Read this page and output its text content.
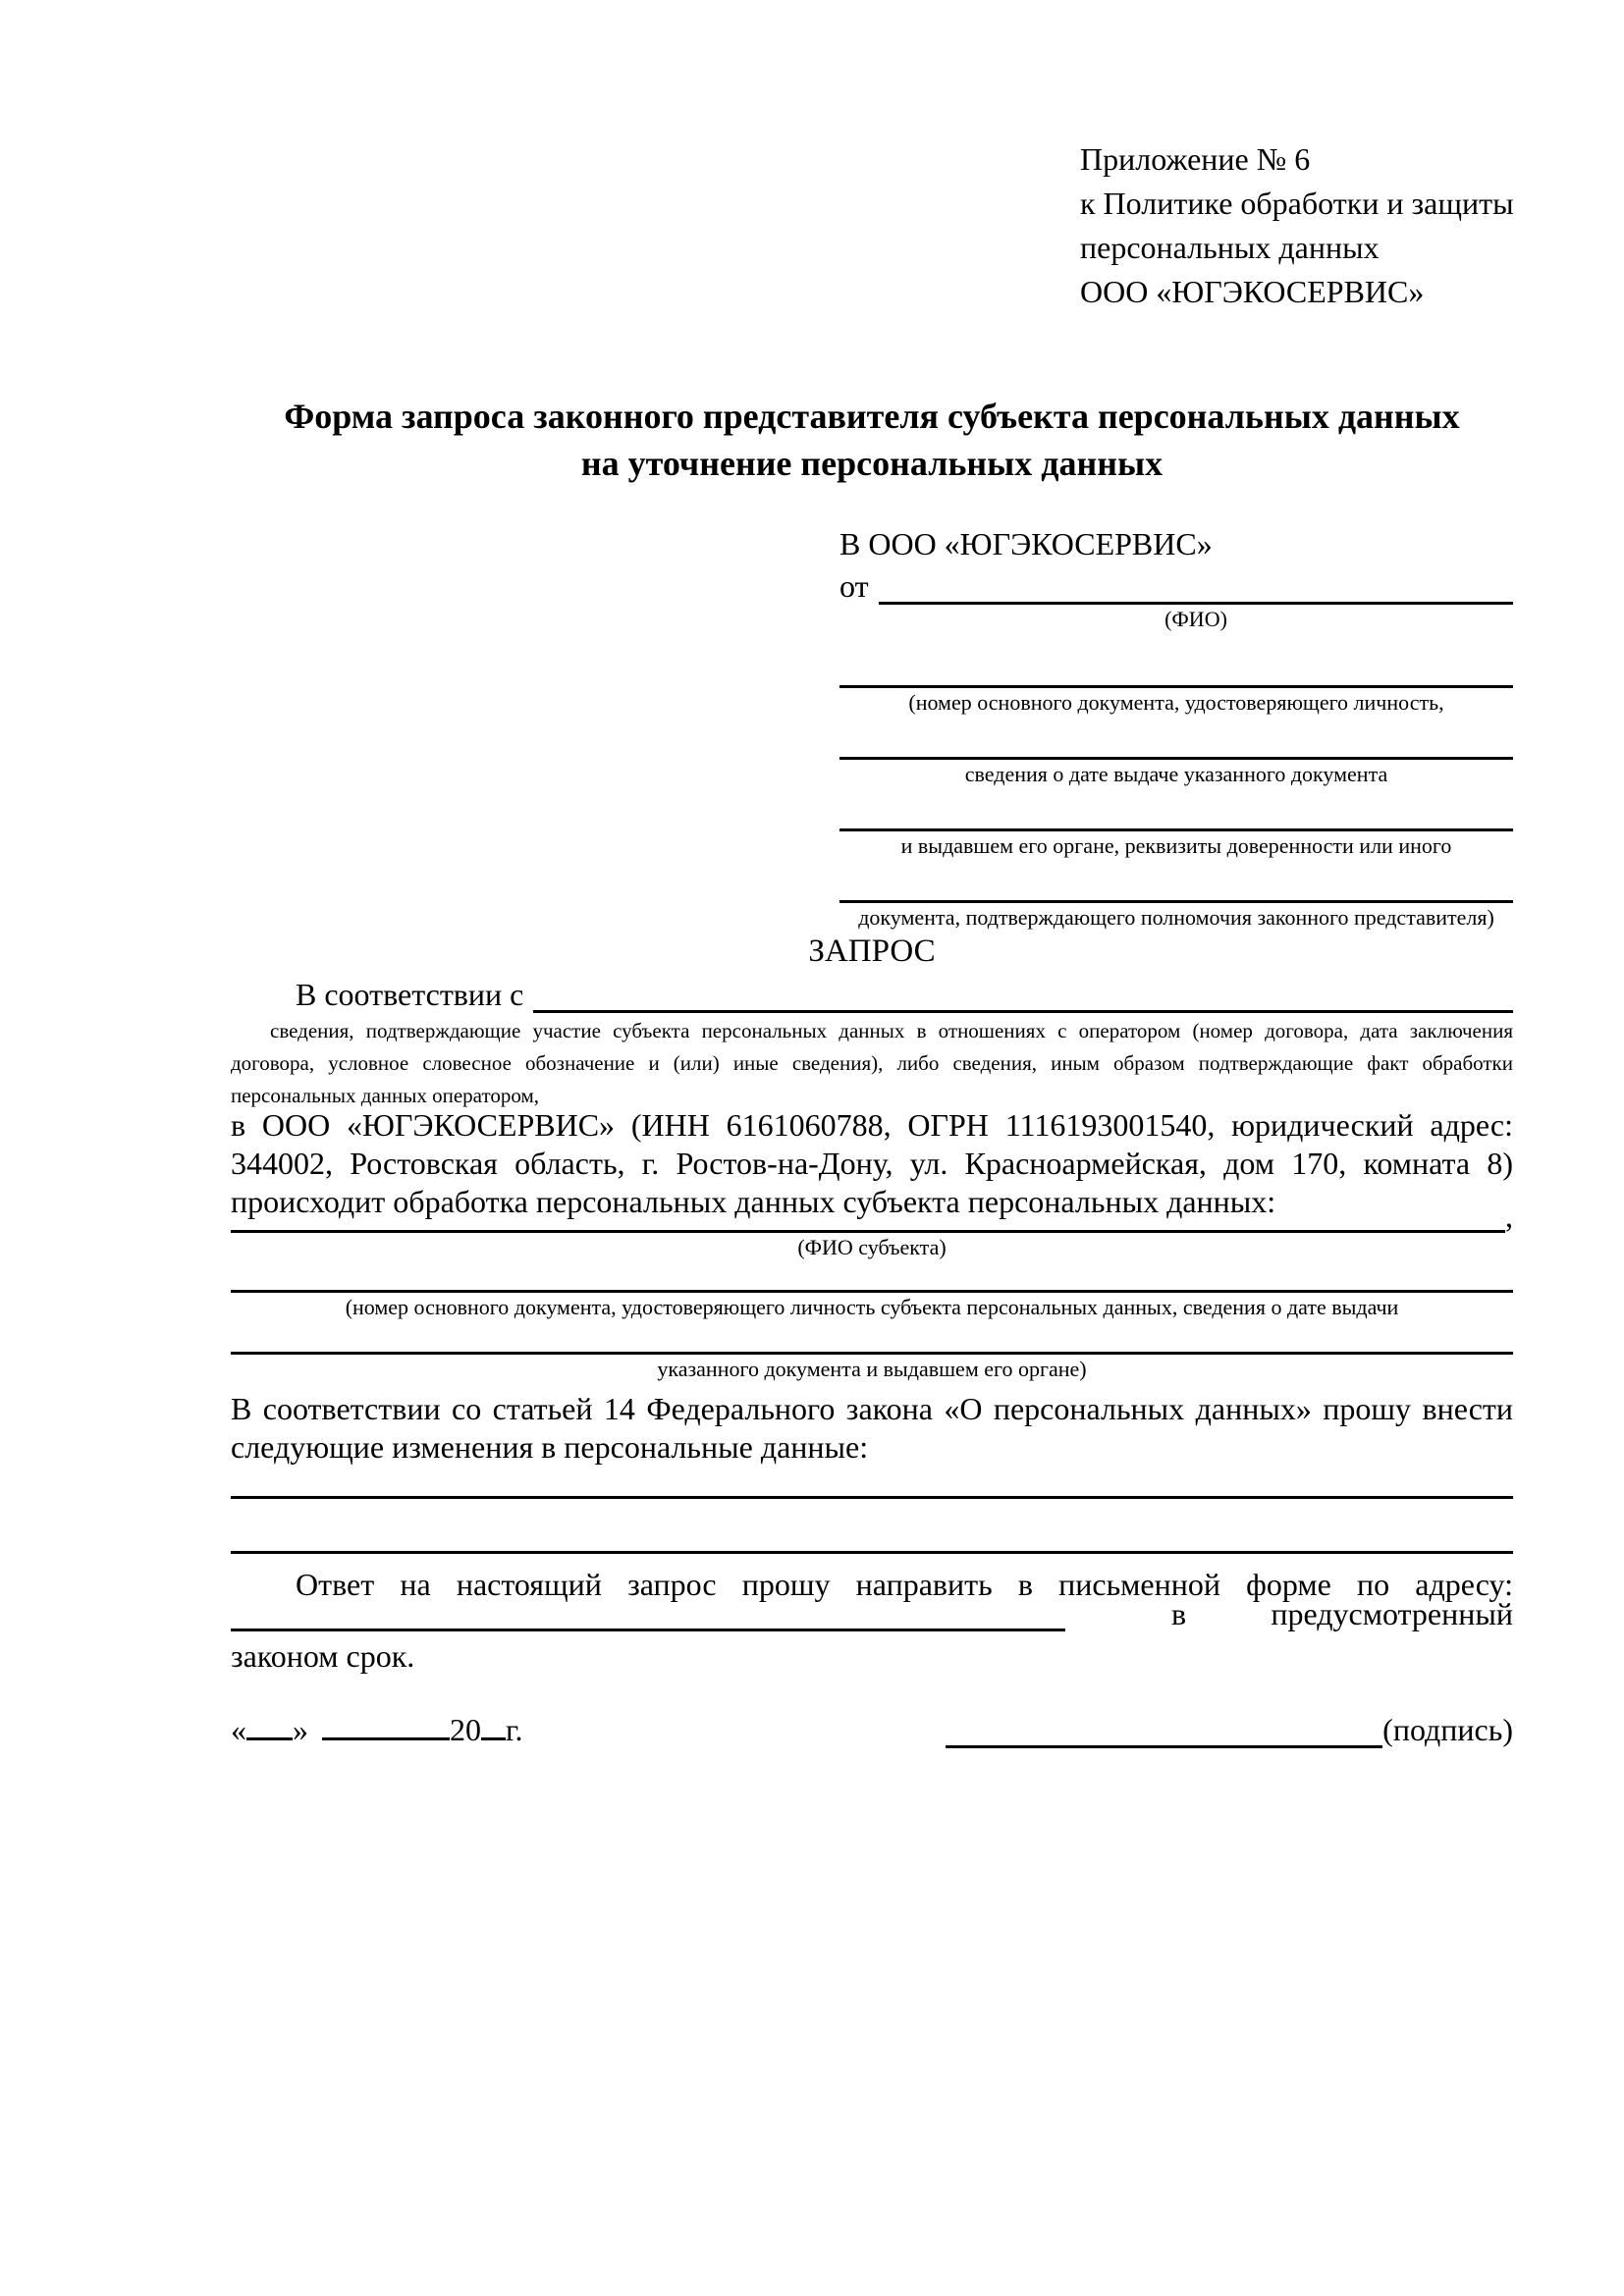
Приложение № 6
к Политике обработки и защиты
персональных данных
ООО «ЮГЭКОСЕРВИС»
Форма запроса законного представителя субъекта персональных данных
на уточнение персональных данных
В ООО «ЮГЭКОСЕРВИС»
от
(ФИО)
(номер основного документа, удостоверяющего личность,
сведения о дате выдаче указанного документа
и выдавшем его органе, реквизиты доверенности или иного
документа, подтверждающего полномочия законного представителя)
ЗАПРОС
В соответствии с
сведения, подтверждающие участие субъекта персональных данных в отношениях с оператором (номер договора, дата заключения договора, условное словесное обозначение и (или) иные сведения), либо сведения, иным образом подтверждающие факт обработки персональных данных оператором,
в ООО «ЮГЭКОСЕРВИС» (ИНН 6161060788, ОГРН 1116193001540, юридический адрес: 344002, Ростовская область, г. Ростов-на-Дону, ул. Красноармейская, дом 170, комната 8) происходит обработка персональных данных субъекта персональных данных:	,
(ФИО субъекта)
(номер основного документа, удостоверяющего личность субъекта персональных данных, сведения о дате выдачи
указанного документа и выдавшем его органе)
В соответствии со статьей 14 Федерального закона «О персональных данных» прошу внести следующие изменения в персональные данные:
Ответ на настоящий запрос прошу направить в письменной форме по адресу:
в	предусмотренный
законом срок.
« »	20 г.	(подпись)
